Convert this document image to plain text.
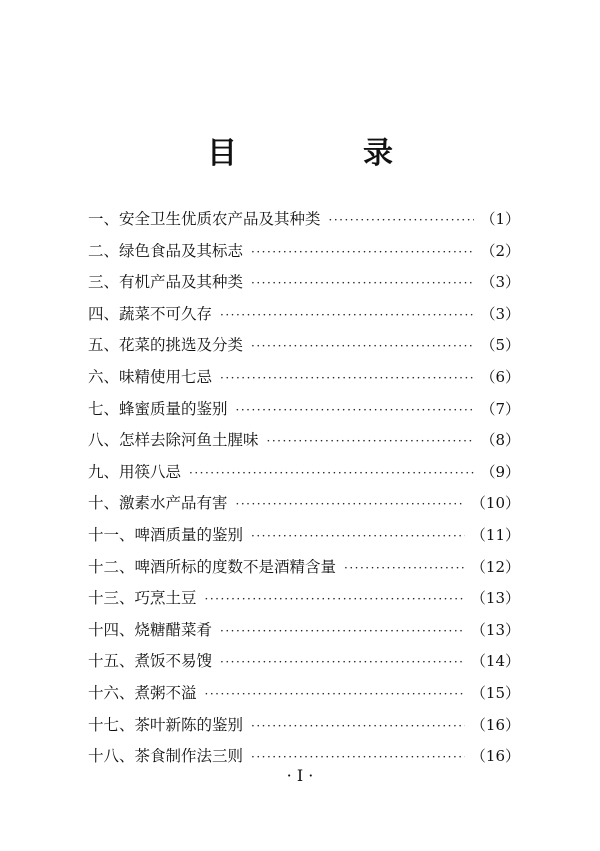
目　录
一、安全卫生优质农产品及其种类 ·····	（1）
二、绿色食品及其标志 ·····	（2）
三、有机产品及其种类 ·····	（3）
四、蔬菜不可久存 ·····	（3）
五、花菜的挑选及分类 ·····	（5）
六、味精使用七忌 ·····	（6）
七、蜂蜜质量的鉴别 ·····	（7）
八、怎样去除河鱼土腥味 ·····	（8）
九、用筷八忌 ·····	（9）
十、激素水产品有害 ·····	（10）
十一、啤酒质量的鉴别 ·····	（11）
十二、啤酒所标的度数不是酒精含量 ·····	（12）
十三、巧烹土豆 ·····	（13）
十四、烧糖醋菜肴 ·····	（13）
十五、煮饭不易馊 ·····	（14）
十六、煮粥不溢 ·····	（15）
十七、茶叶新陈的鉴别 ·····	（16）
十八、茶食制作法三则 ·····	（16）
· I ·
